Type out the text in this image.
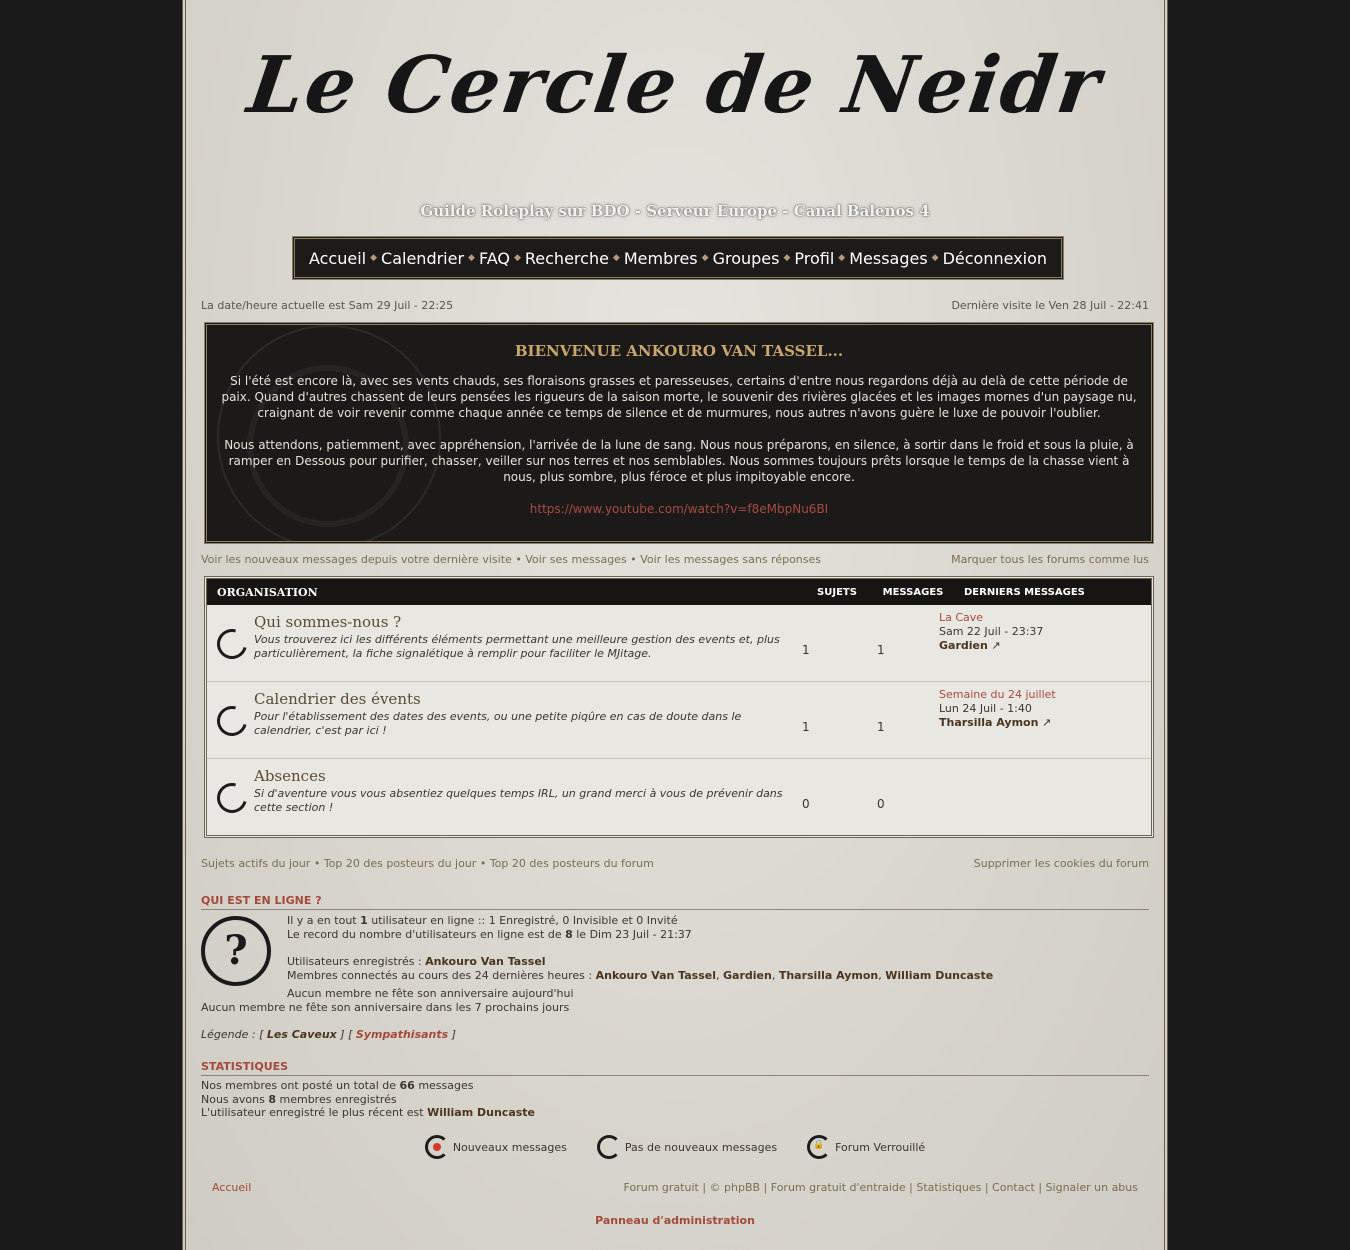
Le Cercle de Neidr
Guilde Roleplay sur BDO - Serveur Europe - Canal Balenos 4
Accueil ◆ Calendrier ◆ FAQ ◆ Recherche ◆ Membres ◆ Groupes ◆ Profil ◆ Messages ◆ Déconnexion
La date/heure actuelle est Sam 29 Juil - 22:25	Dernière visite le Ven 28 Juil - 22:41
BIENVENUE ANKOURO VAN TASSEL...

Si l'été est encore là, avec ses vents chauds, ses floraisons grasses et paresseuses, certains d'entre nous regardons déjà au delà de cette période de paix. Quand d'autres chassent de leurs pensées les rigueurs de la saison morte, le souvenir des rivières glacées et les images mornes d'un paysage nu, craignant de voir revenir comme chaque année ce temps de silence et de murmures, nous autres n'avons guère le luxe de pouvoir l'oublier.

Nous attendons, patiemment, avec appréhension, l'arrivée de la lune de sang. Nous nous préparons, en silence, à sortir dans le froid et sous la pluie, à ramper en Dessous pour purifier, chasser, veiller sur nos terres et nos semblables. Nous sommes toujours prêts lorsque le temps de la chasse vient à nous, plus sombre, plus féroce et plus impitoyable encore.

https://www.youtube.com/watch?v=f8eMbpNu6BI
Voir les nouveaux messages depuis votre dernière visite • Voir ses messages • Voir les messages sans réponses	Marquer tous les forums comme lus
ORGANISATION	SUJETS	MESSAGES	DERNIERS MESSAGES
Qui sommes-nous ?
Vous trouverez ici les différents éléments permettant une meilleure gestion des events et, plus particulièrement, la fiche signalétique à remplir pour faciliter le MJitage.	1	1
La Cave
Sam 22 Juil - 23:37
Gardien ↗
Calendrier des évents
Pour l'établissement des dates des events, ou une petite piqûre en cas de doute dans le calendrier, c'est par ici !	1	1
Semaine du 24 juillet
Lun 24 Juil - 1:40
Tharsilla Aymon ↗
Absences
Si d'aventure vous vous absentiez quelques temps IRL, un grand merci à vous de prévenir dans cette section !	0	0
Sujets actifs du jour • Top 20 des posteurs du jour • Top 20 des posteurs du forum	Supprimer les cookies du forum
QUI EST EN LIGNE ?
?
Il y a en tout 1 utilisateur en ligne :: 1 Enregistré, 0 Invisible et 0 Invité
Le record du nombre d'utilisateurs en ligne est de 8 le Dim 23 Juil - 21:37
Utilisateurs enregistrés : Ankouro Van Tassel
Membres connectés au cours des 24 dernières heures : Ankouro Van Tassel, Gardien, Tharsilla Aymon, William Duncaste
Aucun membre ne fête son anniversaire aujourd'hui
Aucun membre ne fête son anniversaire dans les 7 prochains jours
Légende : [ Les Caveux ] [ Sympathisants ]
STATISTIQUES
Nos membres ont posté un total de 66 messages
Nous avons 8 membres enregistrés
L'utilisateur enregistré le plus récent est William Duncaste
Nouveaux messages	Pas de nouveaux messages
🔒	Forum Verrouillé
Accueil	Forum gratuit | © phpBB | Forum gratuit d'entraide | Statistiques | Contact | Signaler un abus
Panneau d'administration
